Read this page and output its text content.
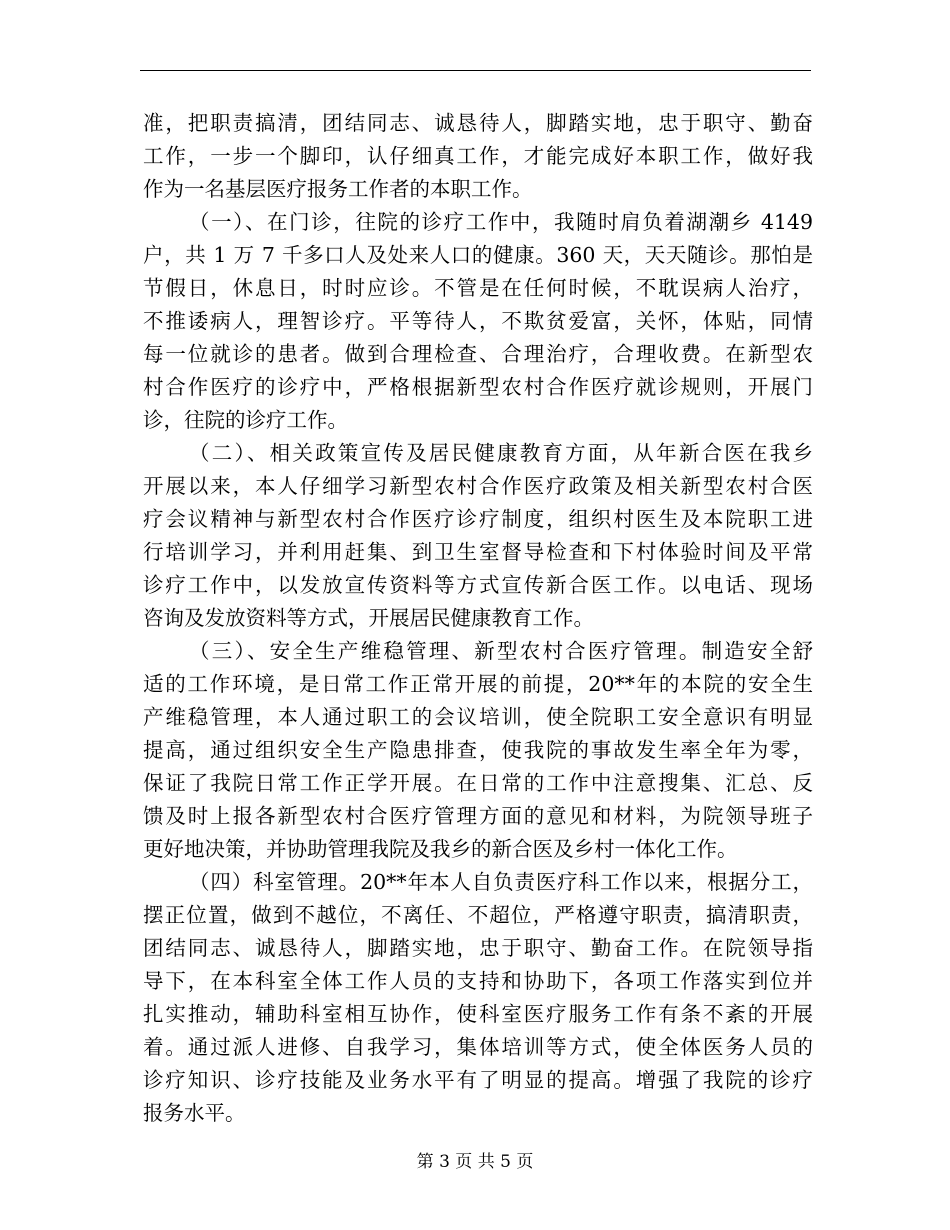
准，把职责搞清，团结同志、诚恳待人，脚踏实地，忠于职守、勤奋
工作，一步一个脚印，认仔细真工作，才能完成好本职工作，做好我
作为一名基层医疗报务工作者的本职工作。
（一）、在门诊，往院的诊疗工作中，我随时肩负着湖潮乡 4149
户，共 1 万 7 千多口人及处来人口的健康。360 天，天天随诊。那怕是
节假日，休息日，时时应诊。不管是在任何时候，不耽误病人治疗，
不推诿病人，理智诊疗。平等待人，不欺贫爱富，关怀，体贴，同情
每一位就诊的患者。做到合理检查、合理治疗，合理收费。在新型农
村合作医疗的诊疗中，严格根据新型农村合作医疗就诊规则，开展门
诊，往院的诊疗工作。
（二）、相关政策宣传及居民健康教育方面，从年新合医在我乡
开展以来，本人仔细学习新型农村合作医疗政策及相关新型农村合医
疗会议精神与新型农村合作医疗诊疗制度，组织村医生及本院职工进
行培训学习，并利用赶集、到卫生室督导检查和下村体验时间及平常
诊疗工作中，以发放宣传资料等方式宣传新合医工作。以电话、现场
咨询及发放资料等方式，开展居民健康教育工作。
（三）、安全生产维稳管理、新型农村合医疗管理。制造安全舒
适的工作环境，是日常工作正常开展的前提，20**年的本院的安全生
产维稳管理，本人通过职工的会议培训，使全院职工安全意识有明显
提高，通过组织安全生产隐患排查，使我院的事故发生率全年为零，
保证了我院日常工作正学开展。在日常的工作中注意搜集、汇总、反
馈及时上报各新型农村合医疗管理方面的意见和材料，为院领导班子
更好地决策，并协助管理我院及我乡的新合医及乡村一体化工作。
（四）科室管理。20**年本人自负责医疗科工作以来，根据分工，
摆正位置，做到不越位，不离任、不超位，严格遵守职责，搞清职责，
团结同志、诚恳待人，脚踏实地，忠于职守、勤奋工作。在院领导指
导下，在本科室全体工作人员的支持和协助下，各项工作落实到位并
扎实推动，辅助科室相互协作，使科室医疗服务工作有条不紊的开展
着。通过派人进修、自我学习，集体培训等方式，使全体医务人员的
诊疗知识、诊疗技能及业务水平有了明显的提高。增强了我院的诊疗
报务水平。
第 3 页 共 5 页
